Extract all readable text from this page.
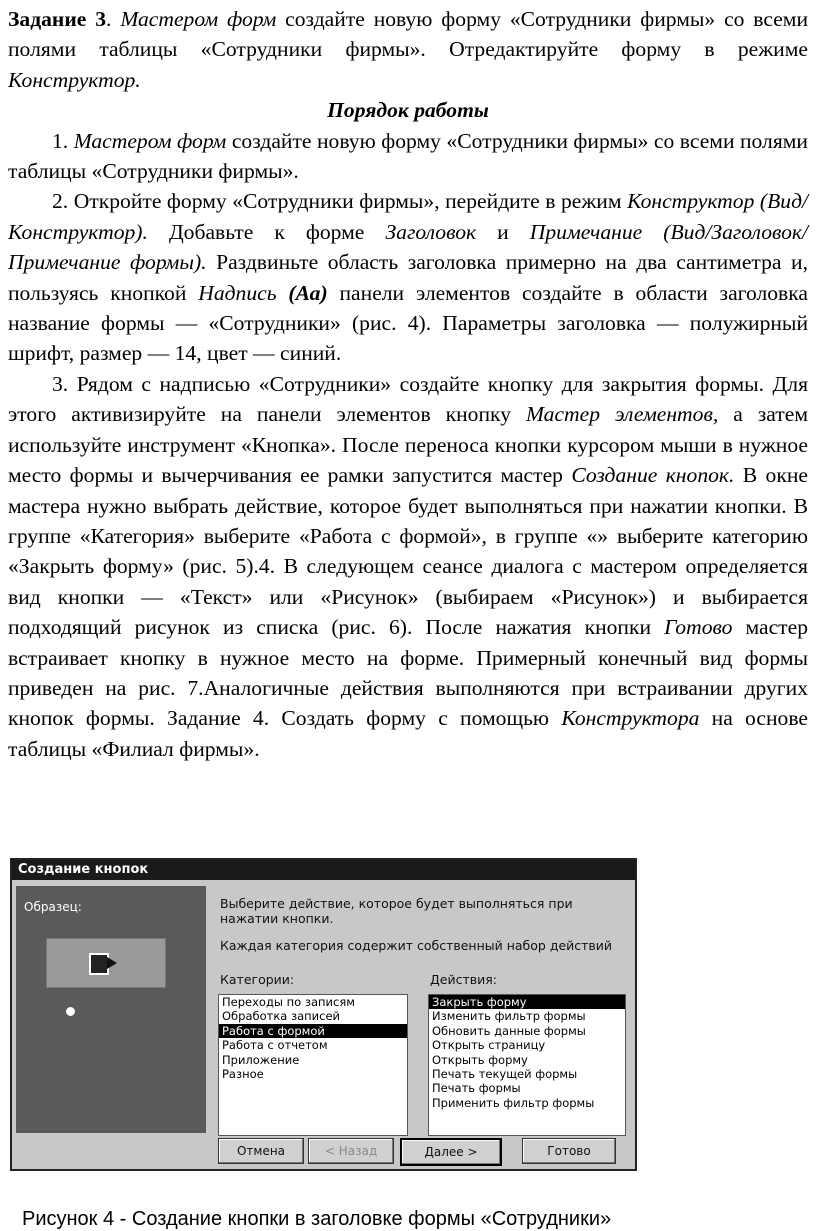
Задание 3. Мастером форм создайте новую форму «Сотрудники фирмы» со всеми полями таблицы «Сотрудники фирмы». Отредактируйте форму в режиме Конструктор.

Порядок работы

1. Мастером форм создайте новую форму «Сотрудники фирмы» со всеми полями таблицы «Сотрудники фирмы».

2. Откройте форму «Сотрудники фирмы», перейдите в режим Конструктор (Вид/Конструктор). Добавьте к форме Заголовок и Примечание (Вид/Заголовок/Примечание формы). Раздвиньте область заголовка примерно на два сантиметра и, пользуясь кнопкой Надпись (Аа) панели элементов создайте в области заголовка название формы — «Сотрудники» (рис. 4). Параметры заголовка — полужирный шрифт, размер — 14, цвет — синий.

3. Рядом с надписью «Сотрудники» создайте кнопку для закрытия формы. Для этого активизируйте на панели элементов кнопку Мастер элементов, а затем используйте инструмент «Кнопка». После переноса кнопки курсором мыши в нужное место формы и вычерчивания ее рамки запустится мастер Создание кнопок. В окне мастера нужно выбрать действие, которое будет выполняться при нажатии кнопки. В группе «Категория» выберите «Работа с формой», в группе «» выберите категорию «Закрыть форму» (рис. 5).4. В следующем сеансе диалога с мастером определяется вид кнопки — «Текст» или «Рисунок» (выбираем «Рисунок») и выбирается подходящий рисунок из списка (рис. 6). После нажатия кнопки Готово мастер встраивает кнопку в нужное место на форме. Примерный конечный вид формы приведен на рис. 7.Аналогичные действия выполняются при встраивании других кнопок формы. Задание 4. Создать форму с помощью Конструктора на основе таблицы «Филиал фирмы».

Создание кнопок
Образец:	Выберите действие, которое будет выполняться при нажатии кнопки.
Каждая категория содержит собственный набор действий
Категории:	Действия:
Переходы по записям
Обработка записей
Работа с формой
Работа с отчетом
Приложение
Разное
Закрыть форму
Изменить фильтр формы
Обновить данные формы
Открыть страницу
Открыть форму
Печать текущей формы
Печать формы
Применить фильтр формы
Отмена	< Назад	Далее >	Готово
Рисунок 4 - Создание кнопки в заголовке формы «Сотрудники»
